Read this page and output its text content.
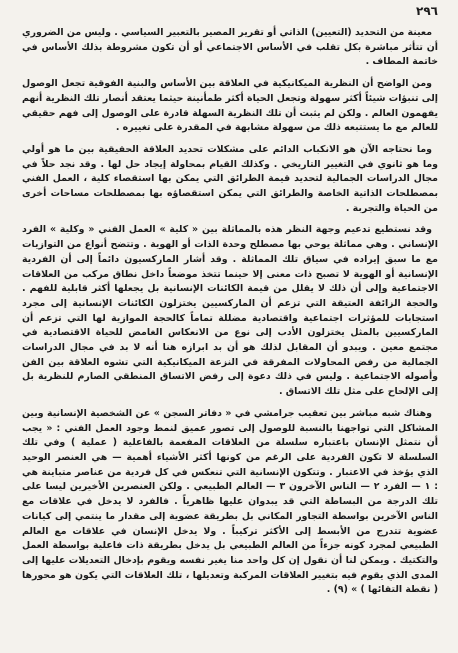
٢٩٦

معينة من التحديد (التعيين) الذاتي أو تقرير المصير بالتعبير السياسي . وليس من الضروري أن تتأثر مباشرة بكل تقلب في الأساس الاجتماعي أو أن تكون مشروطة بذلك الأساس في خاتمة المطاف .

ومن الواضح أن النظرية الميكانيكية في العلاقة بين الأساس والبنية الفوقية تجعل الوصول إلى تنبؤات شيئاً أكثر سهولة وتجعل الحياة أكثر طمأنينة حيثما يعتقد أنصار تلك النظرية أنهم يفهمون العالم . ولكن لم يثبت أن تلك النظرية السهلة قادرة على الوصول إلى فهم حقيقي للعالم مع ما يستتبعه ذلك من سهولة مشابهة في المقدرة على تغييره .

وما نحتاجه الآن هو الانكباب الدائم على مشكلات تحديد العلاقة الحقيقية بين ما هو أولي وما هو ثانوي في التغيير التاريخي . وكذلك القيام بمحاولة إيجاد حل لها . وقد نجد حلاً في مجال الدراسات الجمالية لتحديد قيمة الطرائق التي يمكن بها استقصاء كلية ، العمل الفني بمصطلحات الذاتية الخاصة والطرائق التي يمكن استقصاؤه بها بمصطلحات مساحات أخرى من الحياة والتجربة .

وقد نستطيع تدعيم وجهة النظر هذه بالمماثلة بين « كلية » العمل الفني « وكلية » الفرد الإنساني . وهي مماثلة يوحي بها مصطلح وحدة الذات أو الهوية . وتتضح أنواع من التوازيات مع ما سبق إيراده في سياق تلك المماثلة . وقد أشار الماركسيون دائماً إلى أن الفردية الإنسانية أو الهوية لا تصبح ذات معنى إلا حينما تتخذ موضعاً داخل نطاق مركب من العلاقات الاجتماعية وإلى أن ذلك لا يقلل من قيمة الكائنات الإنسانية بل يجعلها أكثر قابلية للفهم . والحجة الزائفة العتيقة التي تزعم أن الماركسيين يختزلون الكائنات الإنسانية إلى مجرد استجابات للمؤثرات اجتماعية واقتصادية مضللة تماماً كالحجة الموازية لها التي تزعم أن الماركسيين بالمثل يختزلون الأدب إلى نوع من الانعكاس الغامض للحياة الاقتصادية في مجتمع معين . ويبدو أن المقابل لذلك هو أن بد ابرازه هنا أنه لا بد في مجال الدراسات الجمالية من رفض المحاولات المفرقة في النزعة الميكانيكية التي تشوه العلاقة بين الفن وأصوله الاجتماعية . وليس في ذلك دعوة إلى رفض الاتساق المنطقي الصارم للنظرية بل إلى الإلحاح على مثل تلك الاتساق .

وهناك شبه مباشر بين تعقيب جرامشي في « دفاتر السجن » عن الشخصية الإنسانية وبين المشاكل التي تواجهنا بالنسبة للوصول إلى تصور عميق لنمط وجود العمل الفني : « يجب أن نتمثل الإنسان باعتباره سلسلة من العلاقات المفعمة بالفاعلية ( عملية ) وفي تلك السلسلة لا تكون الفردية على الرغم من كونها أكثر الأشياء أهمية — هي العنصر الوحيد الذي يؤخذ في الاعتبار . وتتكون الإنسانية التي تنعكس في كل فردية من عناصر متباينة هي : ١ — الفرد ٢ — الناس الآخرون ٣ — العالم الطبيعي . ولكن العنصرين الأخيرين ليسا على تلك الدرجة من البساطة التي قد يبدوان عليها ظاهرياً . فالفرد لا يدخل في علاقات مع الناس الآخرين بواسطة التجاور المكاني بل بطريقة عضوية إلى مقدار ما ينتمي إلى كيانات عضوية تتدرج من الأبسط إلى الأكثر تركيباً . ولا يدخل الإنسان في علاقات مع العالم الطبيعي لمجرد كونه جزءاً من العالم الطبيعي بل يدخل بطريقة ذات فاعلية بواسطة العمل والتكتيك . ويمكن لنا أن نقول إن كل واحد منا يغير نفسه ويقوم بإدخال التعديلات عليها إلى المدى الذي يقوم فيه بتغيير العلاقات المركبة وتعديلها ، تلك العلاقات التي يكون هو محورها ( نقطة التقائها ) » (٩) .
